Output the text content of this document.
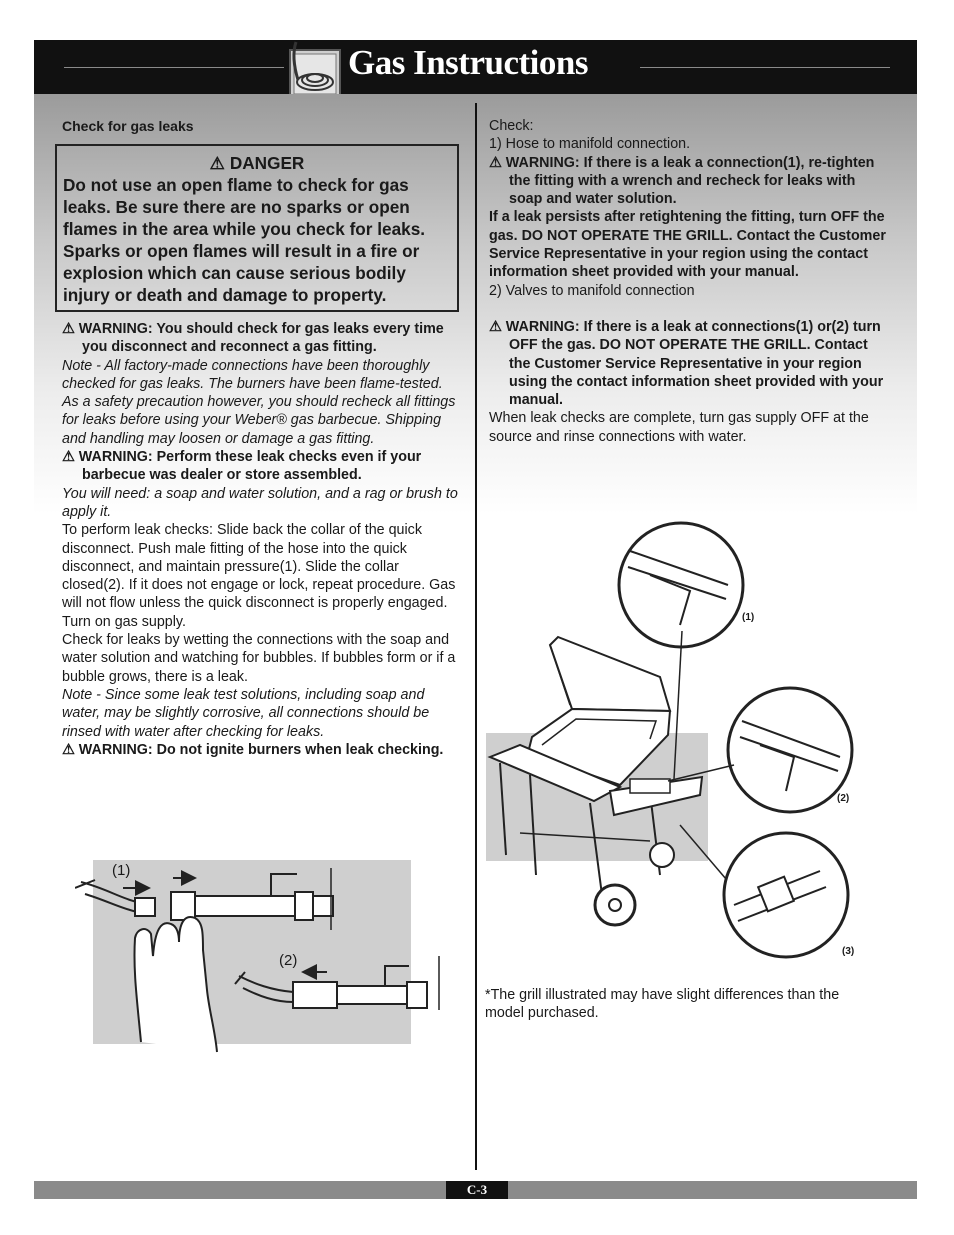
Gas Instructions
Check for gas leaks
⚠ DANGER
Do not use an open flame to check for gas leaks. Be sure there are no sparks or open flames in the area while you check for leaks. Sparks or open flames will result in a fire or explosion which can cause serious bodily injury or death and damage to property.

⚠ WARNING: You should check for gas leaks every time you disconnect and reconnect a gas fitting.

Note - All factory-made connections have been thoroughly checked for gas leaks. The burners have been flame-tested. As a safety precaution however, you should recheck all fittings for leaks before using your Weber® gas barbecue. Shipping and handling may loosen or damage a gas fitting.

⚠ WARNING: Perform these leak checks even if your barbecue was dealer or store assembled.

You will need: a soap and water solution, and a rag or brush to apply it.

To perform leak checks: Slide back the collar of the quick disconnect. Push male fitting of the hose into the quick disconnect, and maintain pressure(1). Slide the collar closed(2). If it does not engage or lock, repeat procedure. Gas will not flow unless the quick disconnect is properly engaged.

Turn on gas supply.

Check for leaks by wetting the connections with the soap and water solution and watching for bubbles. If bubbles form or if a bubble grows, there is a leak.

Note - Since some leak test solutions, including soap and water, may be slightly corrosive, all connections should be rinsed with water after checking for leaks.

⚠ WARNING: Do not ignite burners when leak checking.

(1)
(2)

Check:

1) Hose to manifold connection.

⚠ WARNING: If there is a leak a connection(1), re-tighten the fitting with a wrench and recheck for leaks with soap and water solution.

If a leak persists after retightening the fitting, turn OFF the gas. DO NOT OPERATE THE GRILL. Contact the Customer Service Representative in your region using the contact information sheet provided with your manual.

2) Valves to manifold connection

⚠ WARNING: If there is a leak at connections(1) or(2) turn OFF the gas. DO NOT OPERATE THE GRILL. Contact the Customer Service Representative in your region using the contact information sheet provided with your manual.

When leak checks are complete, turn gas supply OFF at the source and rinse connections with water.

(1)
(2)
(3)
*The grill illustrated may have slight differences than the model purchased.
C-3
